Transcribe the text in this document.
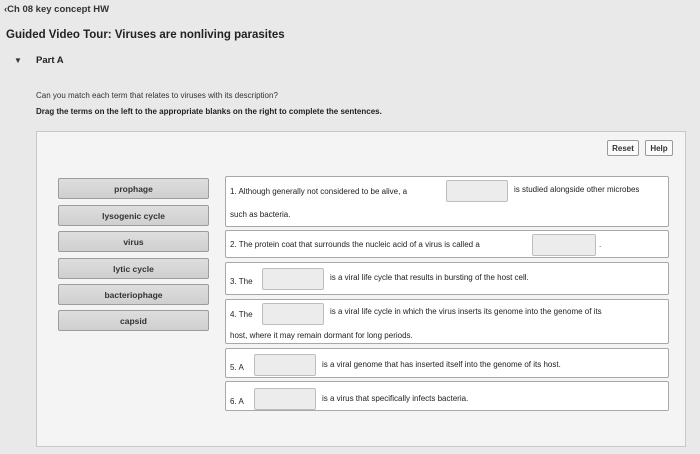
‹Ch 08 key concept HW
Guided Video Tour: Viruses are nonliving parasites
▼ Part A
Can you match each term that relates to viruses with its description?
Drag the terms on the left to the appropriate blanks on the right to complete the sentences.
Reset	Help
prophage
lysogenic cycle
virus
lytic cycle
bacteriophage
capsid
1. Although generally not considered to be alive, a	is studied alongside other microbes
such as bacteria.
2. The protein coat that surrounds the nucleic acid of a virus is called a	.
3. The	is a viral life cycle that results in bursting of the host cell.
4. The	is a viral life cycle in which the virus inserts its genome into the genome of its
host, where it may remain dormant for long periods.
5. A	is a viral genome that has inserted itself into the genome of its host.
6. A	is a virus that specifically infects bacteria.
